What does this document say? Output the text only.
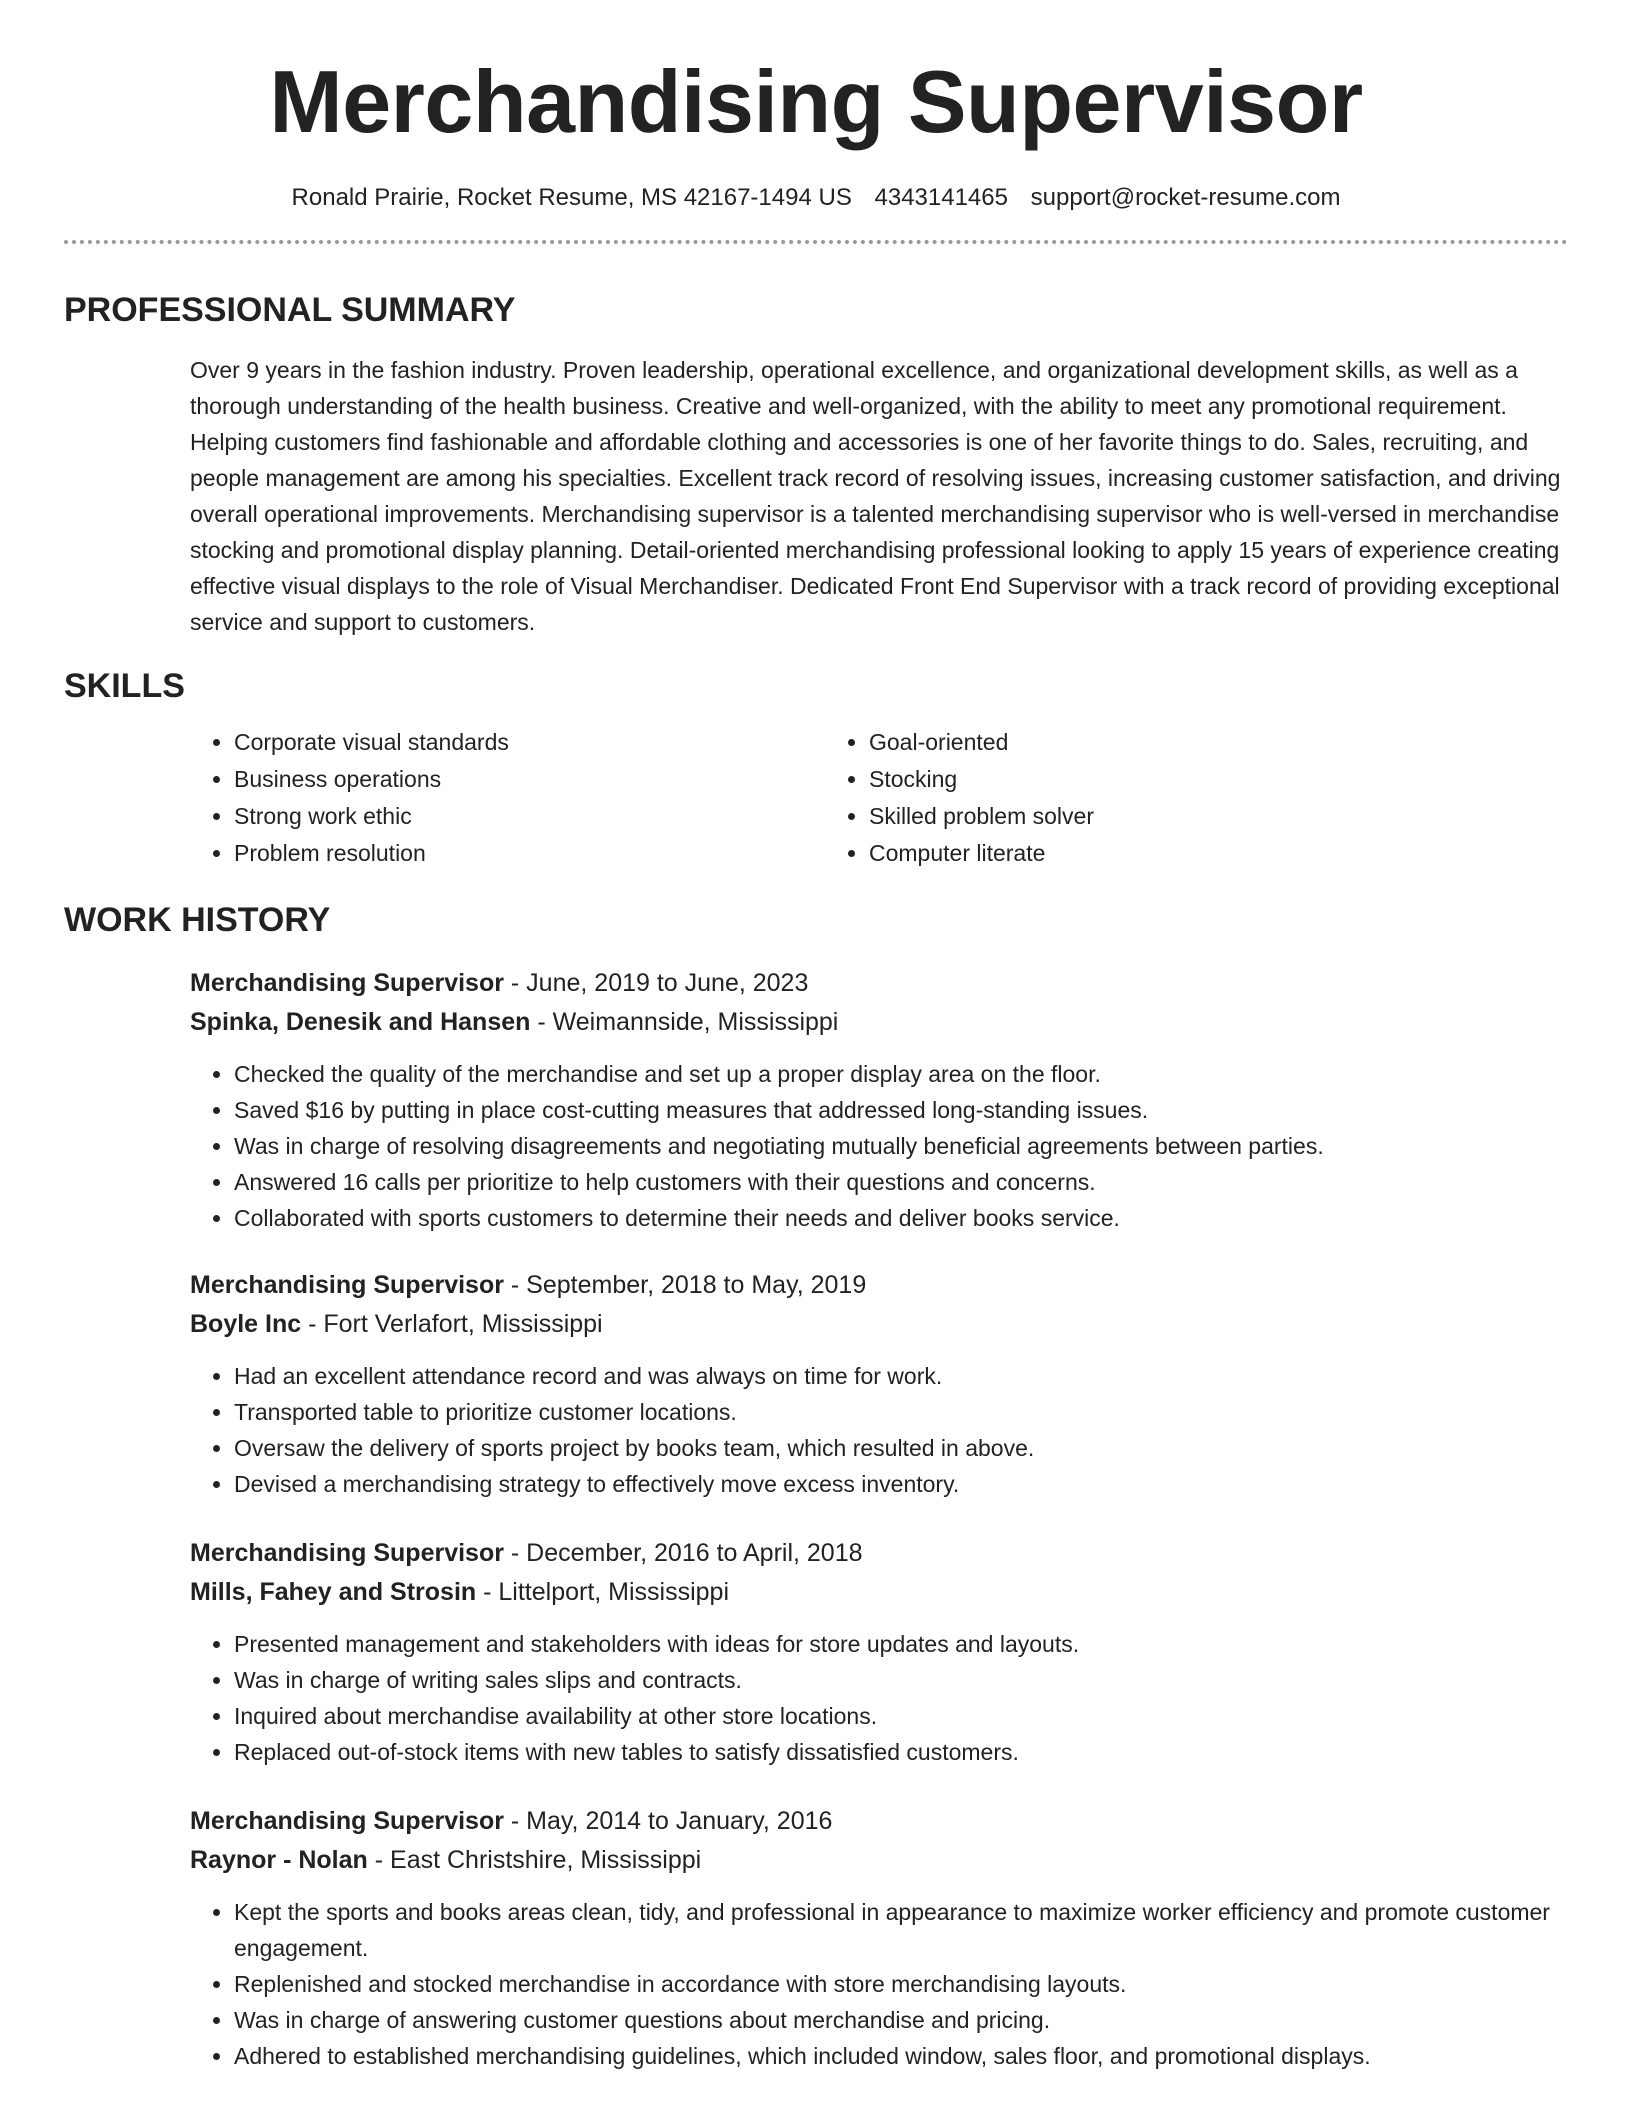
Merchandising Supervisor
Ronald Prairie, Rocket Resume, MS 42167-1494 US 4343141465 support@rocket-resume.com
PROFESSIONAL SUMMARY

Over 9 years in the fashion industry. Proven leadership, operational excellence, and organizational development skills, as well as a thorough understanding of the health business. Creative and well-organized, with the ability to meet any promotional requirement. Helping customers find fashionable and affordable clothing and accessories is one of her favorite things to do. Sales, recruiting, and people management are among his specialties. Excellent track record of resolving issues, increasing customer satisfaction, and driving overall operational improvements. Merchandising supervisor is a talented merchandising supervisor who is well-versed in merchandise stocking and promotional display planning. Detail-oriented merchandising professional looking to apply 15 years of experience creating effective visual displays to the role of Visual Merchandiser. Dedicated Front End Supervisor with a track record of providing exceptional service and support to customers.

SKILLS
• Corporate visual standards
• Business operations
• Strong work ethic
• Problem resolution
• Goal-oriented
• Stocking
• Skilled problem solver
• Computer literate
WORK HISTORY
Merchandising Supervisor - June, 2019 to June, 2023
Spinka, Denesik and Hansen - Weimannside, Mississippi
• Checked the quality of the merchandise and set up a proper display area on the floor.
• Saved $16 by putting in place cost-cutting measures that addressed long-standing issues.
• Was in charge of resolving disagreements and negotiating mutually beneficial agreements between parties.
• Answered 16 calls per prioritize to help customers with their questions and concerns.
• Collaborated with sports customers to determine their needs and deliver books service.
Merchandising Supervisor - September, 2018 to May, 2019
Boyle Inc - Fort Verlafort, Mississippi
• Had an excellent attendance record and was always on time for work.
• Transported table to prioritize customer locations.
• Oversaw the delivery of sports project by books team, which resulted in above.
• Devised a merchandising strategy to effectively move excess inventory.
Merchandising Supervisor - December, 2016 to April, 2018
Mills, Fahey and Strosin - Littelport, Mississippi
• Presented management and stakeholders with ideas for store updates and layouts.
• Was in charge of writing sales slips and contracts.
• Inquired about merchandise availability at other store locations.
• Replaced out-of-stock items with new tables to satisfy dissatisfied customers.
Merchandising Supervisor - May, 2014 to January, 2016
Raynor - Nolan - East Christshire, Mississippi
• Kept the sports and books areas clean, tidy, and professional in appearance to maximize worker efficiency and promote customer engagement.
• Replenished and stocked merchandise in accordance with store merchandising layouts.
• Was in charge of answering customer questions about merchandise and pricing.
• Adhered to established merchandising guidelines, which included window, sales floor, and promotional displays.
